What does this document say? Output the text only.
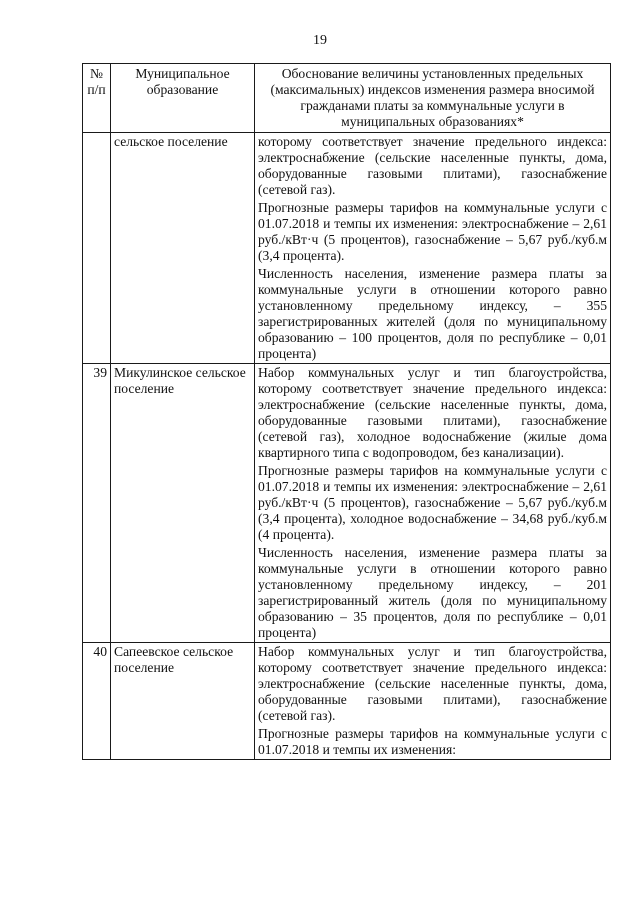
19
№ п/п	Муниципальное образование	Обоснование величины установленных предельных (максимальных) индексов изменения размера вносимой гражданами платы за коммунальные услуги в муниципальных образованиях*
	сельское поселение	которому соответствует значение предельного индекса: электроснабжение (сельские населенные пункты, дома, оборудованные газовыми плитами), газоснабжение (сетевой газ).

Прогнозные размеры тарифов на коммунальные услуги с 01.07.2018 и темпы их изменения: электроснабжение – 2,61 руб./кВт·ч (5 процентов), газоснабжение – 5,67 руб./куб.м (3,4 процента).

Численность населения, изменение размера платы за коммунальные услуги в отношении которого равно установленному предельному индексу, – 355 зарегистрированных жителей (доля по муниципальному образованию – 100 процентов, доля по республике – 0,01 процента)

39	Микулинское сельское поселение	Набор коммунальных услуг и тип благоустройства, которому соответствует значение предельного индекса: электроснабжение (сельские населенные пункты, дома, оборудованные газовыми плитами), газоснабжение (сетевой газ), холодное водоснабжение (жилые дома квартирного типа с водопроводом, без канализации).

Прогнозные размеры тарифов на коммунальные услуги с 01.07.2018 и темпы их изменения: электроснабжение – 2,61 руб./кВт·ч (5 процентов), газоснабжение – 5,67 руб./куб.м (3,4 процента), холодное водоснабжение – 34,68 руб./куб.м (4 процента).

Численность населения, изменение размера платы за коммунальные услуги в отношении которого равно установленному предельному индексу, – 201 зарегистрированный житель (доля по муниципальному образованию – 35 процентов, доля по республике – 0,01 процента)

40	Сапеевское сельское поселение	Набор коммунальных услуг и тип благоустройства, которому соответствует значение предельного индекса: электроснабжение (сельские населенные пункты, дома, оборудованные газовыми плитами), газоснабжение (сетевой газ).

Прогнозные размеры тарифов на коммунальные услуги с 01.07.2018 и темпы их изменения:
